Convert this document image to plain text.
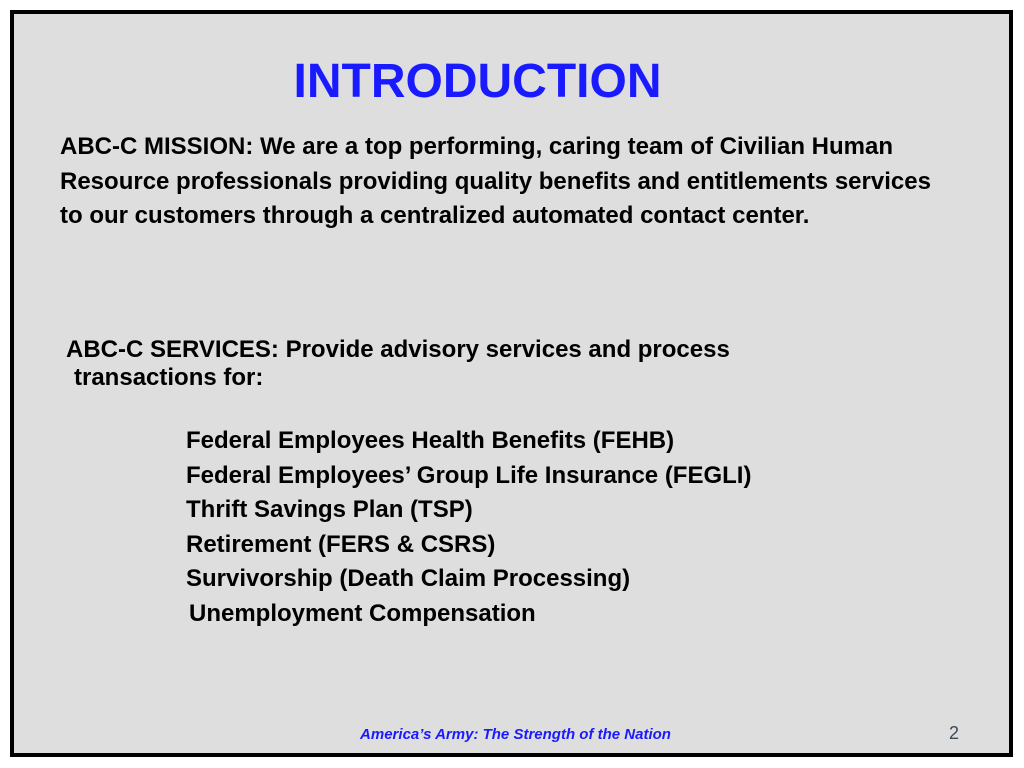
INTRODUCTION

ABC-C MISSION: We are a top performing, caring team of Civilian Human Resource professionals providing quality benefits and entitlements services to our customers through a centralized automated contact center.

ABC-C SERVICES: Provide advisory services and process
transactions for:

Federal Employees Health Benefits (FEHB)
Federal Employees’ Group Life Insurance (FEGLI)
Thrift Savings Plan (TSP)
Retirement (FERS & CSRS)
Survivorship (Death Claim Processing)
Unemployment Compensation
America’s Army: The Strength of the Nation	2
